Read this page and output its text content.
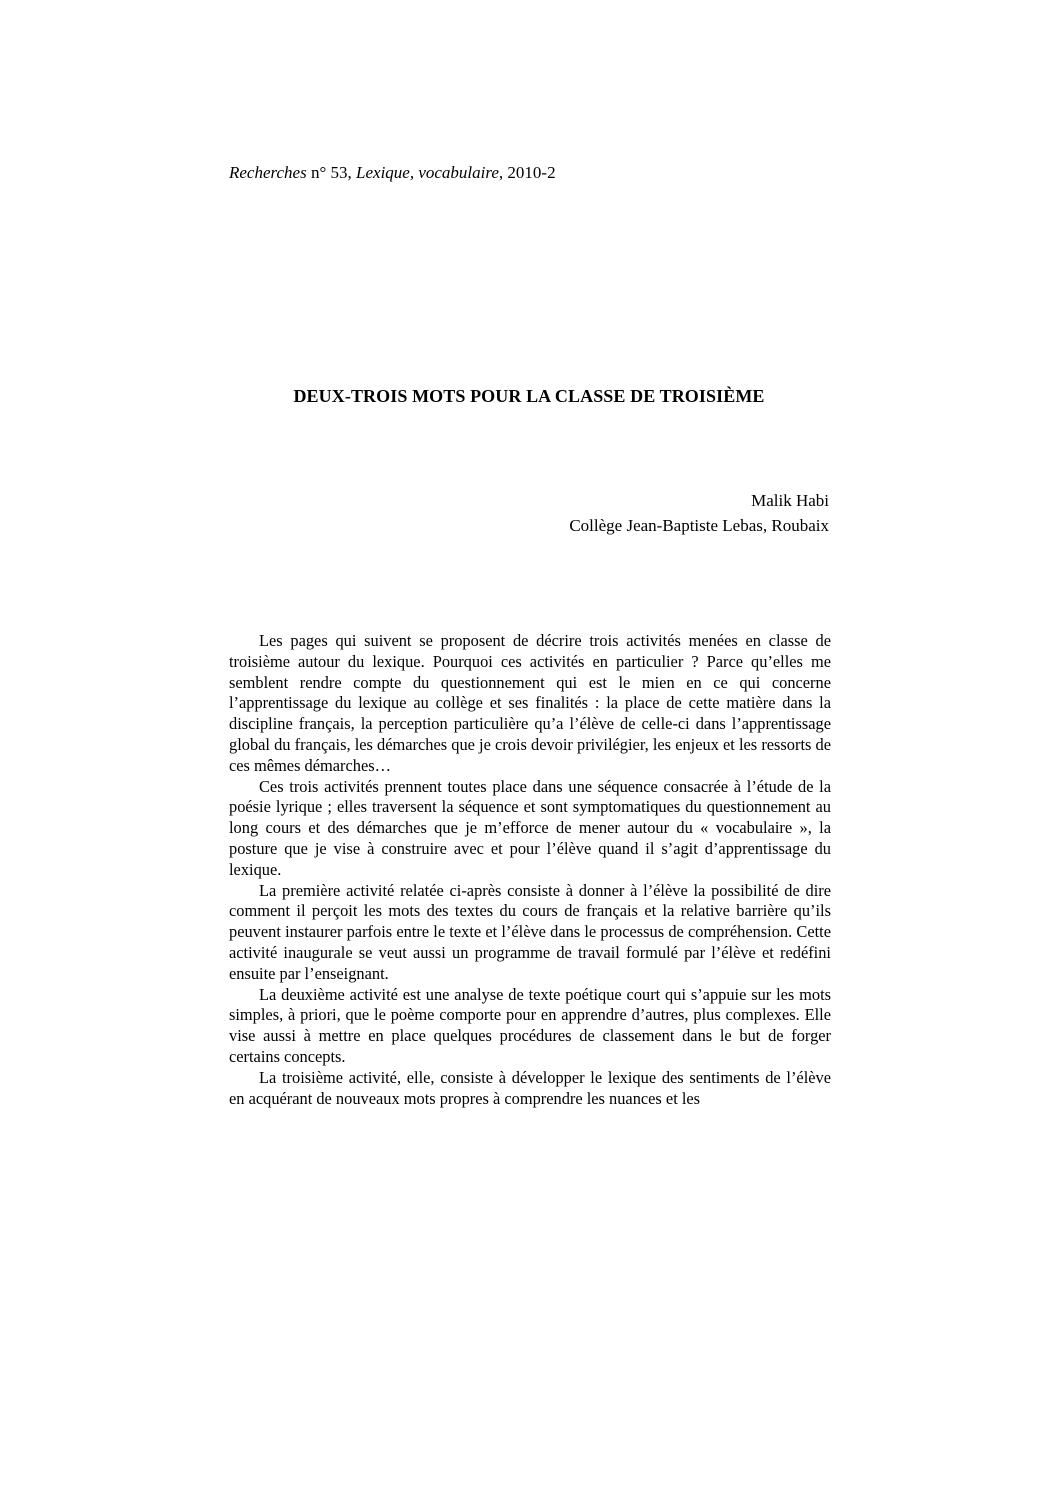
Recherches n° 53, Lexique, vocabulaire, 2010-2
DEUX-TROIS MOTS POUR LA CLASSE DE TROISIÈME
Malik Habi
Collège Jean-Baptiste Lebas, Roubaix

Les pages qui suivent se proposent de décrire trois activités menées en classe de troisième autour du lexique. Pourquoi ces activités en particulier ? Parce qu’elles me semblent rendre compte du questionnement qui est le mien en ce qui concerne l’apprentissage du lexique au collège et ses finalités : la place de cette matière dans la discipline français, la perception particulière qu’a l’élève de celle-ci dans l’apprentissage global du français, les démarches que je crois devoir privilégier, les enjeux et les ressorts de ces mêmes démarches…

Ces trois activités prennent toutes place dans une séquence consacrée à l’étude de la poésie lyrique ; elles traversent la séquence et sont symptomatiques du questionnement au long cours et des démarches que je m’efforce de mener autour du « vocabulaire », la posture que je vise à construire avec et pour l’élève quand il s’agit d’apprentissage du lexique.

La première activité relatée ci-après consiste à donner à l’élève la possibilité de dire comment il perçoit les mots des textes du cours de français et la relative barrière qu’ils peuvent instaurer parfois entre le texte et l’élève dans le processus de compréhension. Cette activité inaugurale se veut aussi un programme de travail formulé par l’élève et redéfini ensuite par l’enseignant.

La deuxième activité est une analyse de texte poétique court qui s’appuie sur les mots simples, à priori, que le poème comporte pour en apprendre d’autres, plus complexes. Elle vise aussi à mettre en place quelques procédures de classement dans le but de forger certains concepts.

La troisième activité, elle, consiste à développer le lexique des sentiments de l’élève en acquérant de nouveaux mots propres à comprendre les nuances et les
